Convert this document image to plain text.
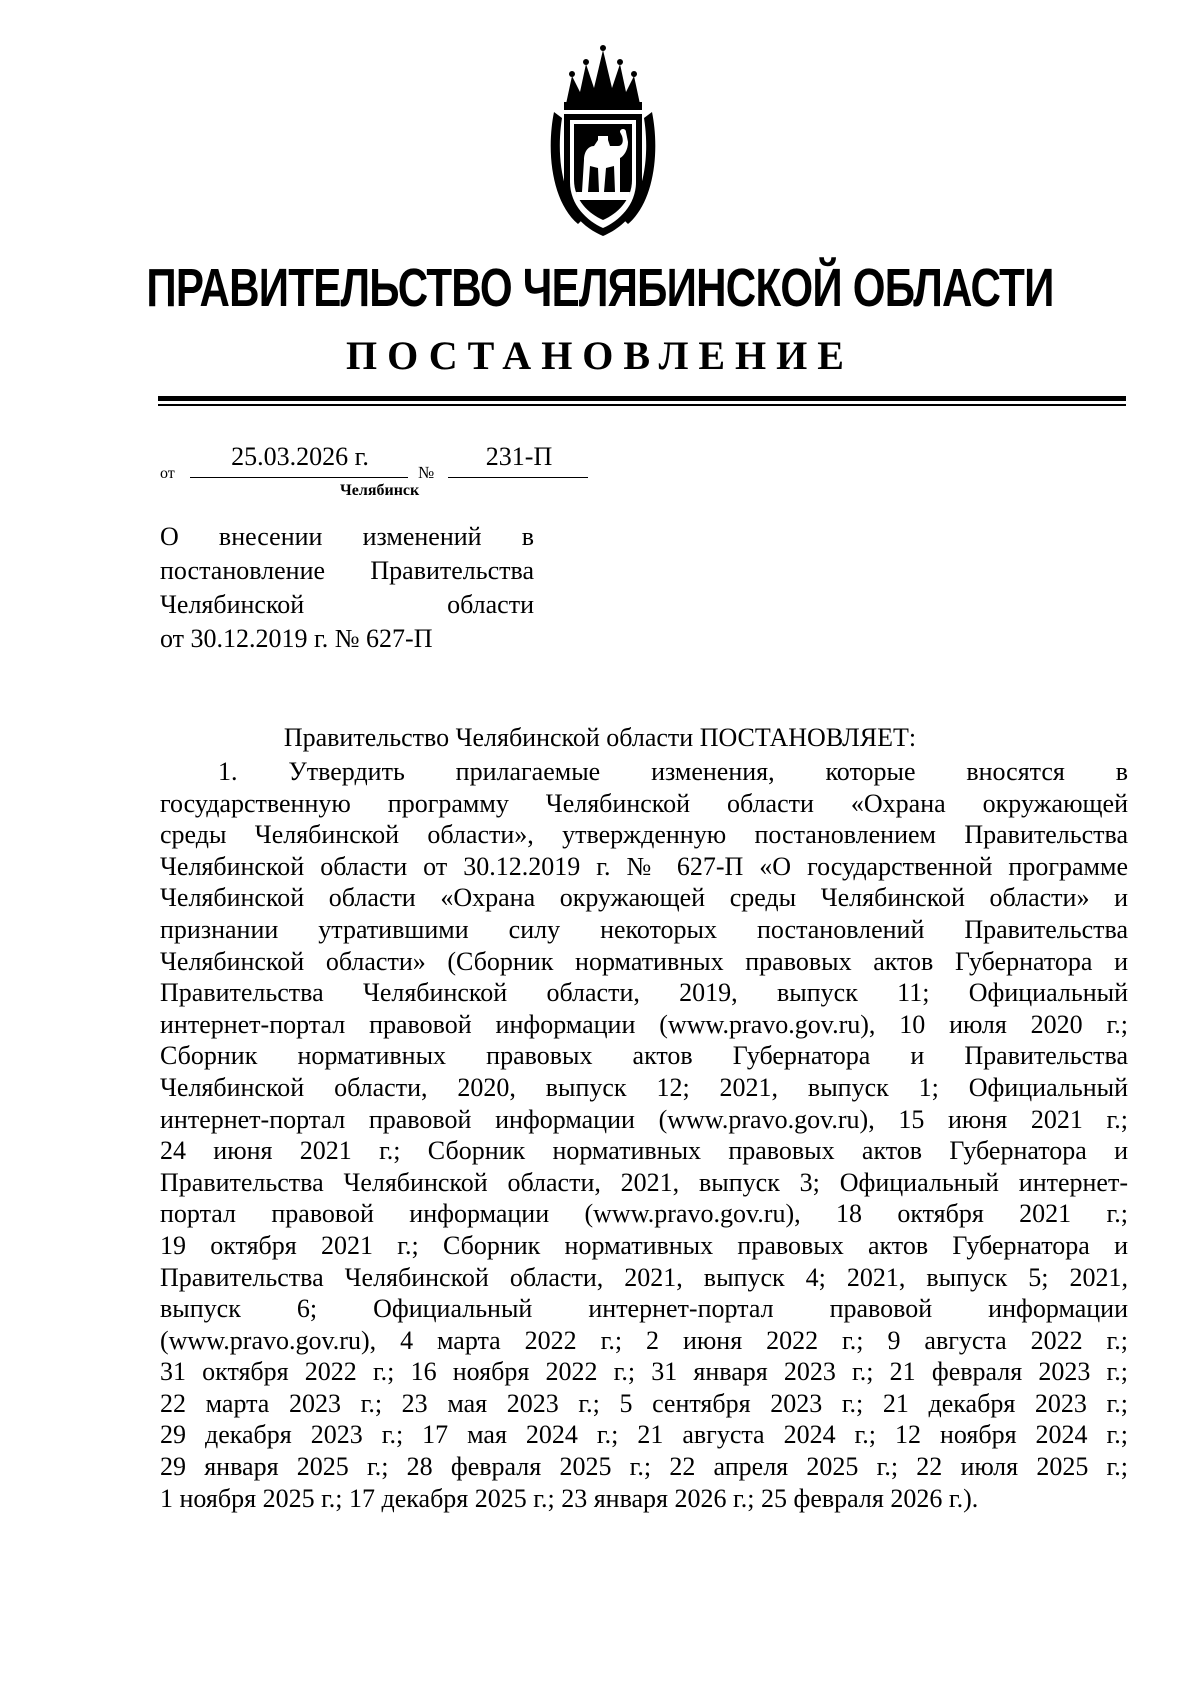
ПРАВИТЕЛЬСТВО ЧЕЛЯБИНСКОЙ ОБЛАСТИ
ПОСТАНОВЛЕНИЕ
от
25.03.2026 г.
№
231-П
Челябинск
О внесении изменений в
постановление Правительства
Челябинской области
от 30.12.2019 г. № 627-П
Правительство Челябинской области ПОСТАНОВЛЯЕТ:
1. Утвердить прилагаемые изменения, которые вносятся в
государственную программу Челябинской области «Охрана окружающей
среды Челябинской области», утвержденную постановлением Правительства
Челябинской области от 30.12.2019 г. № 627-П «О государственной программе
Челябинской области «Охрана окружающей среды Челябинской области» и
признании утратившими силу некоторых постановлений Правительства
Челябинской области» (Сборник нормативных правовых актов Губернатора и
Правительства Челябинской области, 2019, выпуск 11; Официальный
интернет-портал правовой информации (www.pravo.gov.ru), 10 июля 2020 г.;
Сборник нормативных правовых актов Губернатора и Правительства
Челябинской области, 2020, выпуск 12; 2021, выпуск 1; Официальный
интернет-портал правовой информации (www.pravo.gov.ru), 15 июня 2021 г.;
24 июня 2021 г.; Сборник нормативных правовых актов Губернатора и
Правительства Челябинской области, 2021, выпуск 3; Официальный интернет-
портал правовой информации (www.pravo.gov.ru), 18 октября 2021 г.;
19 октября 2021 г.; Сборник нормативных правовых актов Губернатора и
Правительства Челябинской области, 2021, выпуск 4; 2021, выпуск 5; 2021,
выпуск 6; Официальный интернет-портал правовой информации
(www.pravo.gov.ru), 4 марта 2022 г.; 2 июня 2022 г.; 9 августа 2022 г.;
31 октября 2022 г.; 16 ноября 2022 г.; 31 января 2023 г.; 21 февраля 2023 г.;
22 марта 2023 г.; 23 мая 2023 г.; 5 сентября 2023 г.; 21 декабря 2023 г.;
29 декабря 2023 г.; 17 мая 2024 г.; 21 августа 2024 г.; 12 ноября 2024 г.;
29 января 2025 г.; 28 февраля 2025 г.; 22 апреля 2025 г.; 22 июля 2025 г.;
1 ноября 2025 г.; 17 декабря 2025 г.; 23 января 2026 г.; 25 февраля 2026 г.).
